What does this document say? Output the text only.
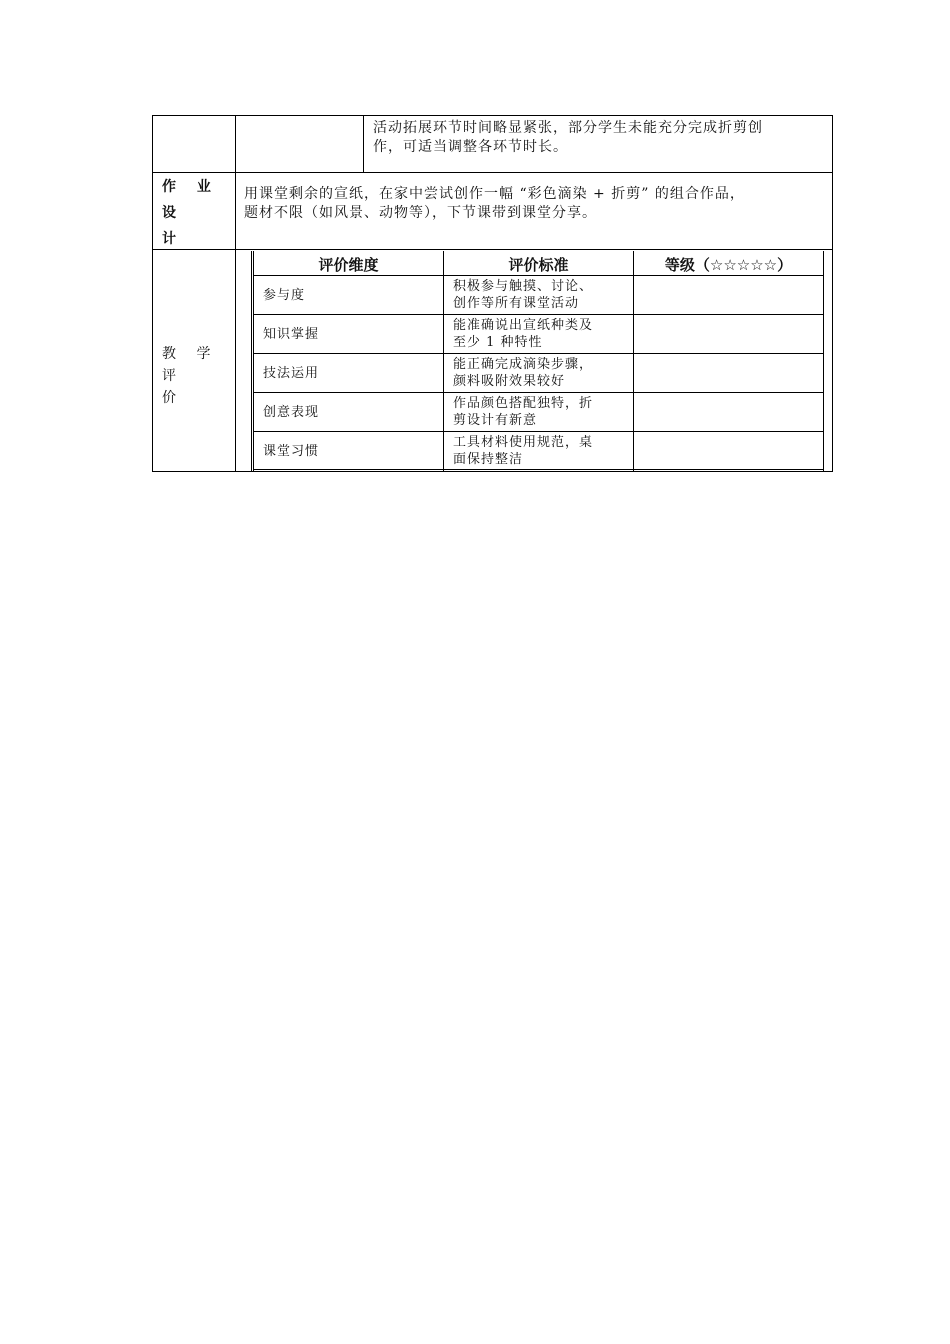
活动拓展环节时间略显紧张，部分学生未能充分完成折剪创
作，可适当调整各环节时长。
作 业 设
计
用课堂剩余的宣纸，在家中尝试创作一幅 “彩色滴染 + 折剪” 的组合作品，
题材不限（如风景、动物等），下节课带到课堂分享。
教 学 评
价
评价维度	评价标准	等级（☆☆☆☆☆）
参与度
积极参与触摸、讨论、
创作等所有课堂活动
知识掌握
能准确说出宣纸种类及
至少 1 种特性
技法运用
能正确完成滴染步骤，
颜料吸附效果较好
创意表现
作品颜色搭配独特，折
剪设计有新意
课堂习惯
工具材料使用规范，桌
面保持整洁
